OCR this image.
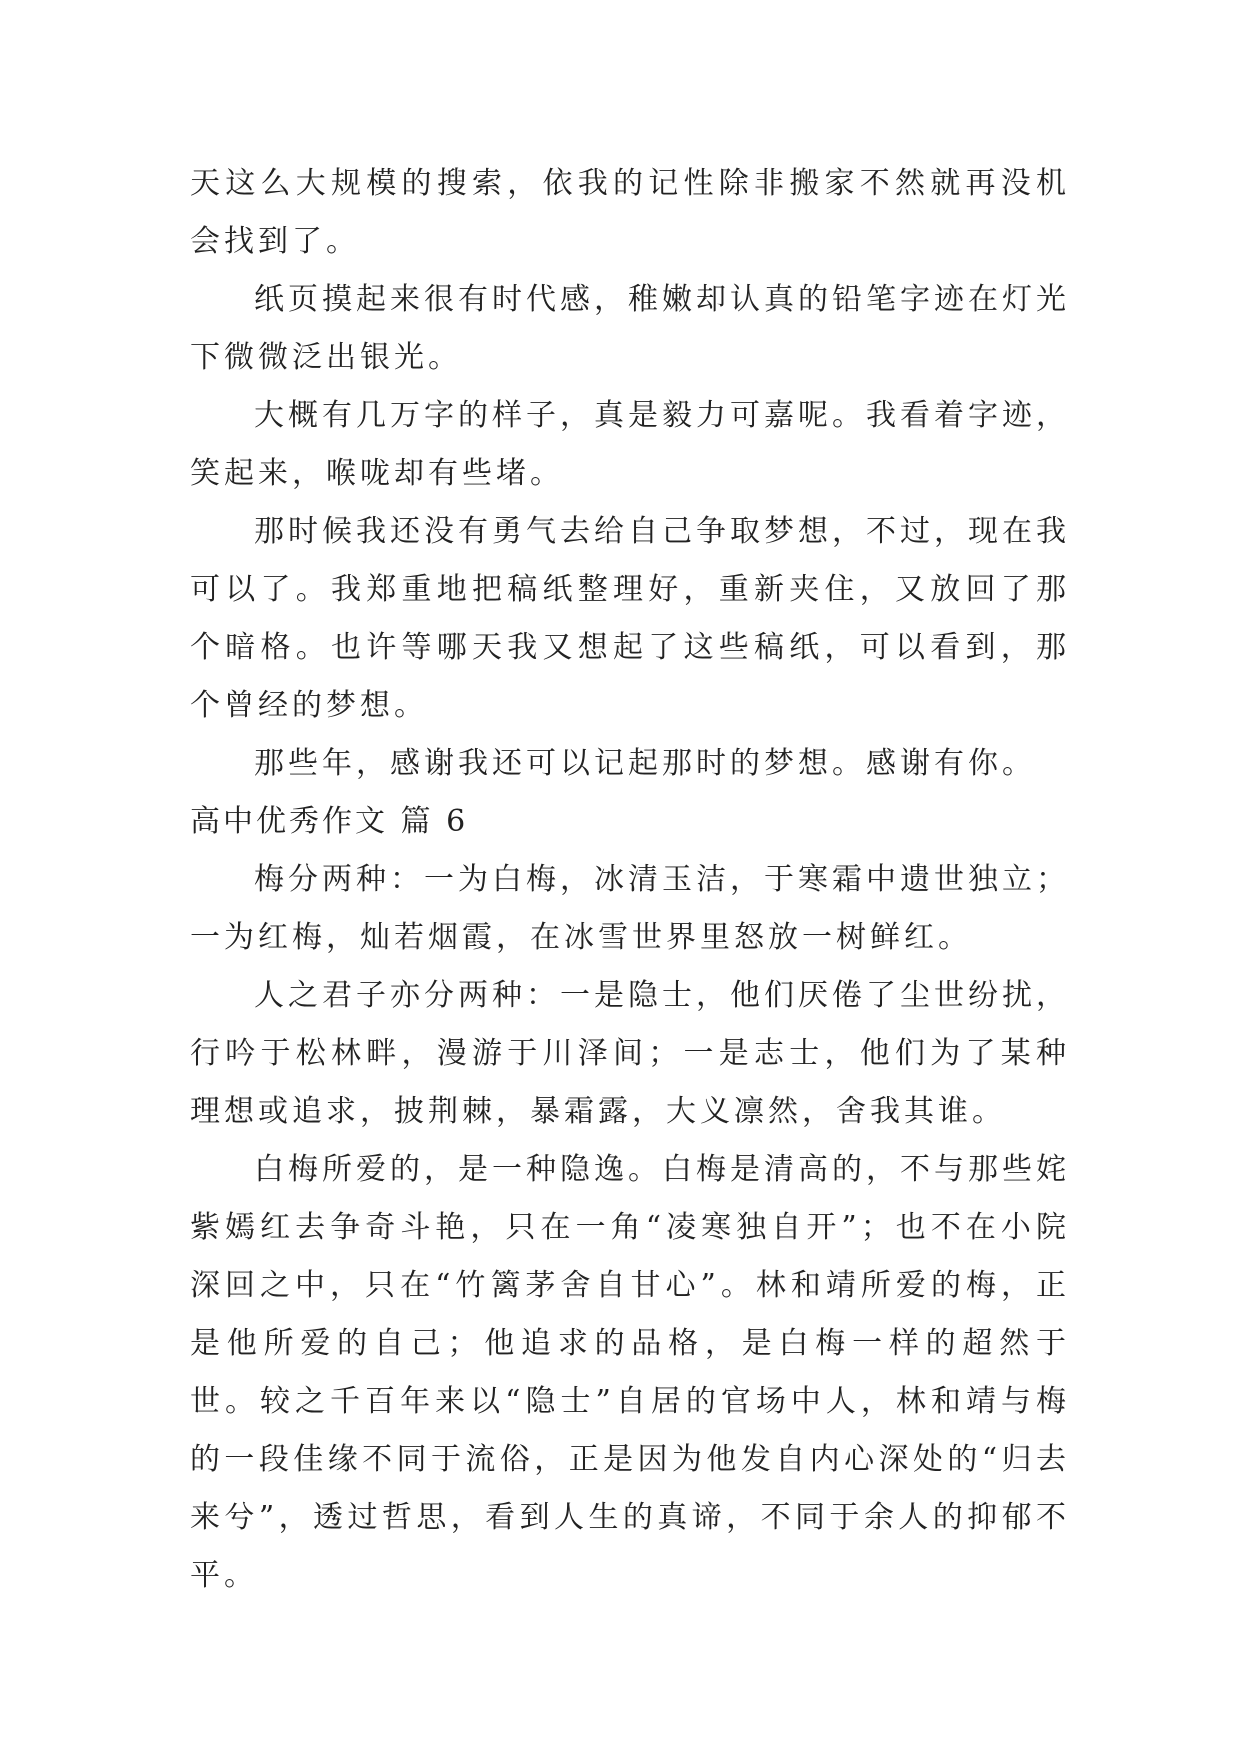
天这么大规模的搜索，依我的记性除非搬家不然就再没机会找到了。

纸页摸起来很有时代感，稚嫩却认真的铅笔字迹在灯光下微微泛出银光。

大概有几万字的样子，真是毅力可嘉呢。我看着字迹，笑起来，喉咙却有些堵。

那时候我还没有勇气去给自己争取梦想，不过，现在我可以了。我郑重地把稿纸整理好，重新夹住，又放回了那个暗格。也许等哪天我又想起了这些稿纸，可以看到，那个曾经的梦想。

那些年，感谢我还可以记起那时的梦想。感谢有你。

高中优秀作文 篇 6

梅分两种：一为白梅，冰清玉洁，于寒霜中遗世独立；一为红梅，灿若烟霞，在冰雪世界里怒放一树鲜红。

人之君子亦分两种：一是隐士，他们厌倦了尘世纷扰，行吟于松林畔，漫游于川泽间；一是志士，他们为了某种理想或追求，披荆棘，暴霜露，大义凛然，舍我其谁。

白梅所爱的，是一种隐逸。白梅是清高的，不与那些姹紫嫣红去争奇斗艳，只在一角“凌寒独自开”；也不在小院深回之中，只在“竹篱茅舍自甘心”。林和靖所爱的梅，正是他所爱的自己；他追求的品格，是白梅一样的超然于世。较之千百年来以“隐士”自居的官场中人，林和靖与梅的一段佳缘不同于流俗，正是因为他发自内心深处的“归去来兮”，透过哲思，看到人生的真谛，不同于余人的抑郁不平。
